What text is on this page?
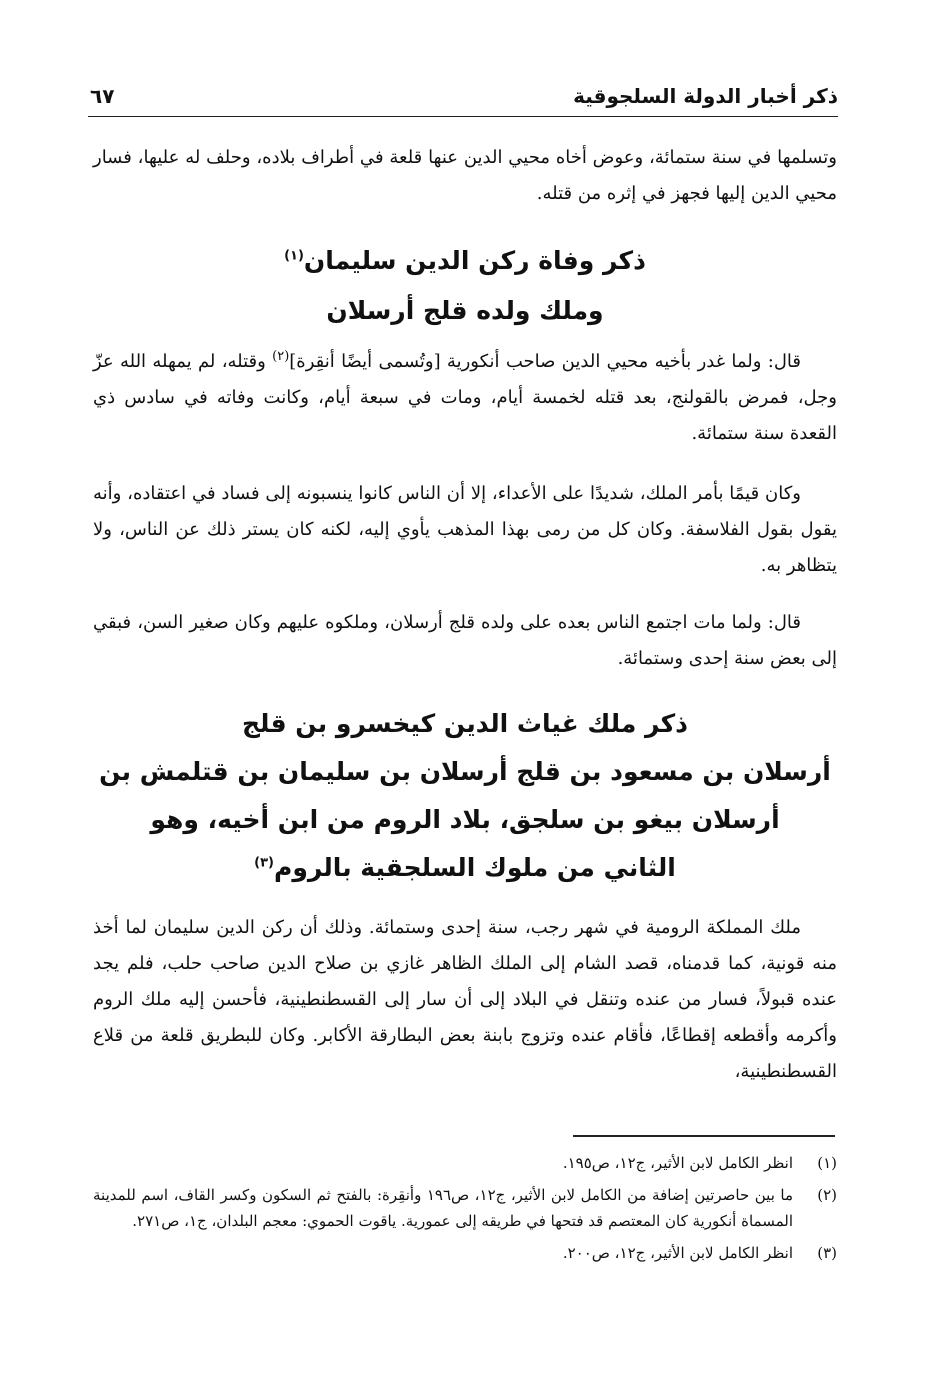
ذكر أخبار الدولة السلجوقية
٦٧

وتسلمها في سنة ستمائة، وعوض أخاه محيي الدين عنها قلعة في أطراف بلاده، وحلف له عليها، فسار محيي الدين إليها فجهز في إثره من قتله.

ذكر وفاة ركن الدين سليمان$^{(١)}$
وملك ولده قلج أرسلان

قال: ولما غدر بأخيه محيي الدين صاحب أنكورية [وتُسمى أيضًا أنقِرة]$^{(٢)}$ وقتله، لم يمهله الله عزّ وجل، فمرض بالقولنج، بعد قتله لخمسة أيام، ومات في سبعة أيام، وكانت وفاته في سادس ذي القعدة سنة ستمائة.

وكان قيمًا بأمر الملك، شديدًا على الأعداء، إلا أن الناس كانوا ينسبونه إلى فساد في اعتقاده، وأنه يقول بقول الفلاسفة. وكان كل من رمى بهذا المذهب يأوي إليه، لكنه كان يستر ذلك عن الناس، ولا يتظاهر به.

قال: ولما مات اجتمع الناس بعده على ولده قلج أرسلان، وملكوه عليهم وكان صغير السن، فبقي إلى بعض سنة إحدى وستمائة.

ذكر ملك غياث الدين كيخسرو بن قلج
أرسلان بن مسعود بن قلج أرسلان بن سليمان بن قتلمش بن
أرسلان بيغو بن سلجق، بلاد الروم من ابن أخيه، وهو
الثاني من ملوك السلجقية بالروم$^{(٣)}$

ملك المملكة الرومية في شهر رجب، سنة إحدى وستمائة. وذلك أن ركن الدين سليمان لما أخذ منه قونية، كما قدمناه، قصد الشام إلى الملك الظاهر غازي بن صلاح الدين صاحب حلب، فلم يجد عنده قبولاً، فسار من عنده وتنقل في البلاد إلى أن سار إلى القسطنطينية، فأحسن إليه ملك الروم وأكرمه وأقطعه إقطاعًا، فأقام عنده وتزوج بابنة بعض البطارقة الأكابر. وكان للبطريق قلعة من قلاع القسطنطينية،

(١)
انظر الكامل لابن الأثير، ج١٢، ص١٩٥.
(٢)
ما بين حاصرتين إضافة من الكامل لابن الأثير، ج١٢، ص١٩٦ وأنقِرة: بالفتح ثم السكون وكسر القاف، اسم للمدينة المسماة أنكورية كان المعتصم قد فتحها في طريقه إلى عمورية. ياقوت الحموي: معجم البلدان، ج١، ص٢٧١.
(٣)
انظر الكامل لابن الأثير، ج١٢، ص٢٠٠.
